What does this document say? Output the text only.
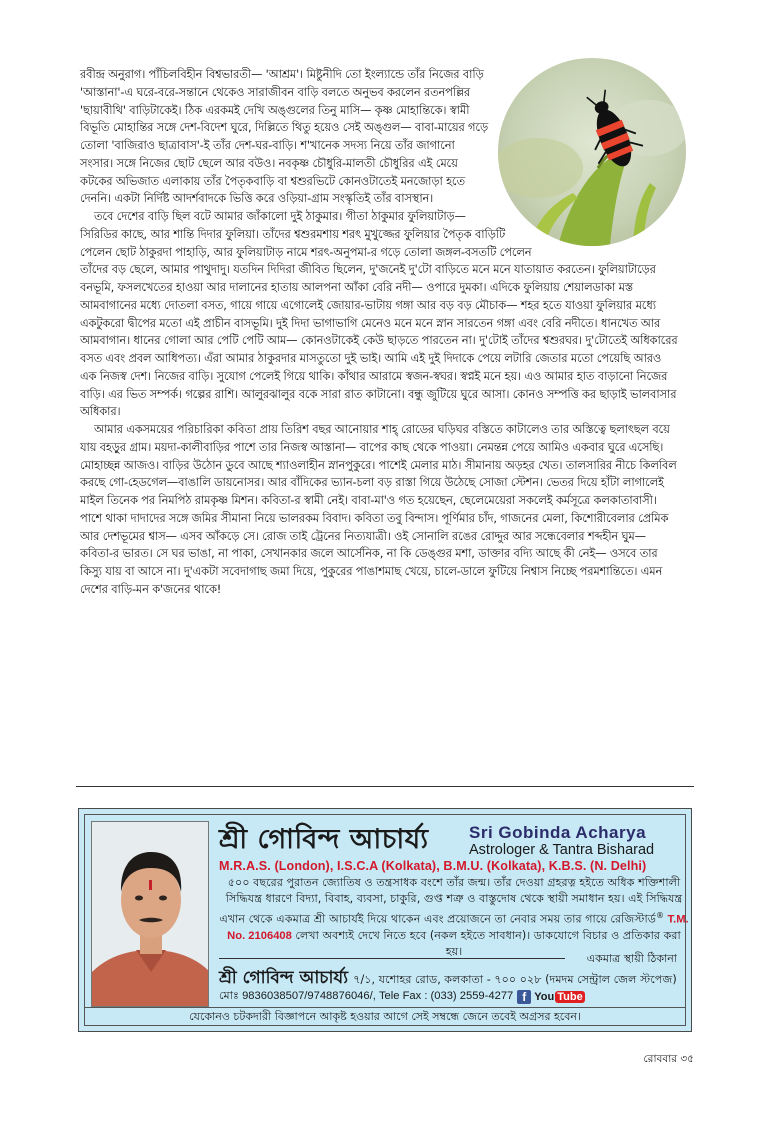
রবীন্দ্র অনুরাগ। পাঁচিলবিহীন বিশ্বভারতী— 'আশ্রম'। মিষ্টুনীদি তো ইংল্যান্ডে তাঁর নিজের বাড়ি 'আস্তানা'-এ ঘরে-বরে-সন্তানে থেকেও সারাজীবন বাড়ি বলতে অনুভব করলেন রতনপল্লির 'ছায়াবীথি' বাড়িটাকেই। ঠিক এরকমই দেখি অঙ্গুলের তিনু মাসি— কৃষ্ণ মোহান্তিকে। স্বামী বিভূতি মোহান্তির সঙ্গে দেশ-বিদেশ ঘুরে, দিল্লিতে থিতু হয়েও সেই অঙ্গুল— বাবা-মায়ের গড়ে তোলা 'বাজিরাও ছাত্রাবাস'-ই তাঁর দেশ-ঘর-বাড়ি। শ'খানেক সদস্য নিয়ে তাঁর জাগানো সংসার। সঙ্গে নিজের ছোট ছেলে আর বউও। নবকৃষ্ণ চৌধুরি-মালতী চৌধুরির এই মেয়ে কটকের অভিজাত এলাকায় তাঁর পৈতৃকবাড়ি বা শ্বশুরভিটে কোনওটাতেই মনজোড়া হতে দেননি। একটা নির্দিষ্ট আদর্শবাদকে ভিত্তি করে ওড়িয়া-গ্রাম সংস্কৃতিই তাঁর বাসস্থান।

তবে দেশের বাড়ি ছিল বটে আমার জাঁকালো দুই ঠাকুমার। গীতা ঠাকুমার ফুলিয়াটাড়— সিরিডির কাছে, আর শান্তি দিদার ফুলিয়া। তাঁদের শ্বশুরমশায় শরৎ মুখুজ্জের ফুলিয়ার পৈতৃক বাড়িটি পেলেন ছোট ঠাকুরদা পাহাড়ি, আর ফুলিয়াটাড় নামে শরৎ-অনুপমা-র গড়ে তোলা জঙ্গল-বসতটি পেলেন তাঁদের বড় ছেলে, আমার পাথুদাদু। যতদিন দিদিরা জীবিত ছিলেন, দু'জনেই দু'টো বাড়িতে মনে মনে যাতায়াত করতেন। ফুলিয়াটাড়ের বনভূমি, ফসলখেতের হাওয়া আর দালানের হাতায় আলপনা আঁকা বেরি নদী— ওপারে দুমকা। এদিকে ফুলিয়ায় শেয়ালডাকা মস্ত আমবাগানের মধ্যে দোতলা বসত, গায়ে গায়ে এগোলেই জোয়ার-ভাটায় গঙ্গা আর বড় বড় মৌচাক— শহর হতে যাওয়া ফুলিয়ার মধ্যে একটুকরো দ্বীপের মতো এই প্রাচীন বাসভূমি। দুই দিদা ভাগাভাগি মেনেও মনে মনে স্নান সারতেন গঙ্গা এবং বেরি নদীতে। ধানখেত আর আমবাগান। ধানের গোলা আর পেটি পেটি আম— কোনওটাকেই কেউ ছাড়তে পারতেন না। দু'টোই তাঁদের শ্বশুরঘর। দু'টোতেই অধিকারের বসত এবং প্রবল আধিপত্য। এঁরা আমার ঠাকুরদার মাসতুতো দুই ভাই। আমি এই দুই দিদাকে পেয়ে লটারি জেতার মতো পেয়েছি আরও এক নিজস্ব দেশ। নিজের বাড়ি। সুযোগ পেলেই গিয়ে থাকি। কাঁথার আরামে স্বজন-স্বঘর। স্বপ্নই মনে হয়। এও আমার হাত বাড়ানো নিজের বাড়ি। এর ভিত সম্পর্ক। গল্পের রাশি। আলুরঝালুর বকে সারা রাত কাটানো। বন্ধু জুটিয়ে ঘুরে আসা। কোনও সম্পত্তি কর ছাড়াই ভালবাসার অধিকার।

আমার একসময়ের পরিচারিকা কবিতা প্রায় তিরিশ বছর আনোয়ার শাহ্‌ রোডের ঘড়িঘর বস্তিতে কাটালেও তার অস্তিত্বে ছলাৎছল বয়ে যায় বহড়ুর গ্রাম। ময়দা-কালীবাড়ির পাশে তার নিজস্ব আস্তানা— বাপের কাছ থেকে পাওয়া। নেমন্তন্ন পেয়ে আমিও একবার ঘুরে এসেছি। মোহাচ্ছন্ন আজও। বাড়ির উঠোন ডুবে আছে শ্যাওলাহীন স্নানপুকুরে। পাশেই মেলার মাঠ। সীমানায় অড়হর খেত। তালসারির নীচে কিলবিল করছে গো-হেডগেল—বাঙালি ডায়নোসর। আর বাঁদিকের ভ্যান-চলা বড় রাস্তা গিয়ে উঠেছে সোজা স্টেশন। ভেতর দিয়ে হাঁটা লাগালেই মাইল তিনেক পর নিমপিঠ রামকৃষ্ণ মিশন। কবিতা-র স্বামী নেই। বাবা-মা'ও গত হয়েছেন, ছেলেমেয়েরা সকলেই কর্মসূত্রে কলকাতাবাসী। পাশে থাকা দাদাদের সঙ্গে জমির সীমানা নিয়ে ভালরকম বিবাদ। কবিতা তবু বিন্দাস। পূর্ণিমার চাঁদ, গাজনের মেলা, কিশোরীবেলার প্রেমিক আর দেশভূমের শ্বাস— এসব আঁকড়ে সে। রোজ তাই ট্রেনের নিত্যযাত্রী। ওই সোনালি রঙের রোদ্দুর আর সন্ধেবেলার শব্দহীন ঘুম— কবিতা-র ভারত। সে ঘর ভাঙা, না পাকা, সেখানকার জলে আর্সেনিক, না কি ডেঙ্গুর মশা, ডাক্তার বদ্যি আছে কী নেই— ওসবে তার কিস্যু যায় বা আসে না। দু'একটা সবেদাগাছ জমা দিয়ে, পুকুরের পাঙাশমাছ খেয়ে, চালে-ডালে ফুটিয়ে নিশ্বাস নিচ্ছে পরমশান্তিতে। এমন দেশের বাড়ি-মন ক'জনের থাকে!

শ্রী গোবিন্দ আচার্য্য Sri Gobinda Acharya
Astrologer & Tantra Bisharad
M.R.A.S. (London), I.S.C.A (Kolkata), B.M.U. (Kolkata), K.B.S. (N. Delhi)
৫০০ বছরের পুরাতন জ্যোতিষ ও তন্ত্রসাধক বংশে তাঁর জন্ম। তাঁর দেওয়া গ্রহরত্ন হইতে অধিক শক্তিশালী সিদ্ধিযন্ত্র ধারণে বিদ্যা, বিবাহ, ব্যবসা, চাকুরি, গুপ্ত শত্রু ও বাস্তুদোষ থেকে স্থায়ী সমাধান হয়। এই সিদ্ধিযন্ত্র এখান থেকে একমাত্র শ্রী আচার্যই দিয়ে থাকেন এবং প্রয়োজনে তা নেবার সময় তার গায়ে রেজিস্টার্ড® T.M. No. 2106408 লেখা অবশ্যই দেখে নিতে হবে (নকল হইতে সাবধান)। ডাকযোগে বিচার ও প্রতিকার করা হয়।
একমাত্র স্থায়ী ঠিকানা
শ্রী গোবিন্দ আচার্য্য ৭/১, যশোহর রোড, কলকাতা - ৭০০ ০২৮ (দমদম সেন্ট্রাল জেল স্টপেজ)
মোঃ 9836038507/9748876046/, Tele Fax : (033) 2559-4277 f You Tube
যেকোনও চটকদারী বিজ্ঞাপনে আকৃষ্ট হওয়ার আগে সেই সম্বন্ধে জেনে তবেই অগ্রসর হবেন।
রোববার ৩৫
